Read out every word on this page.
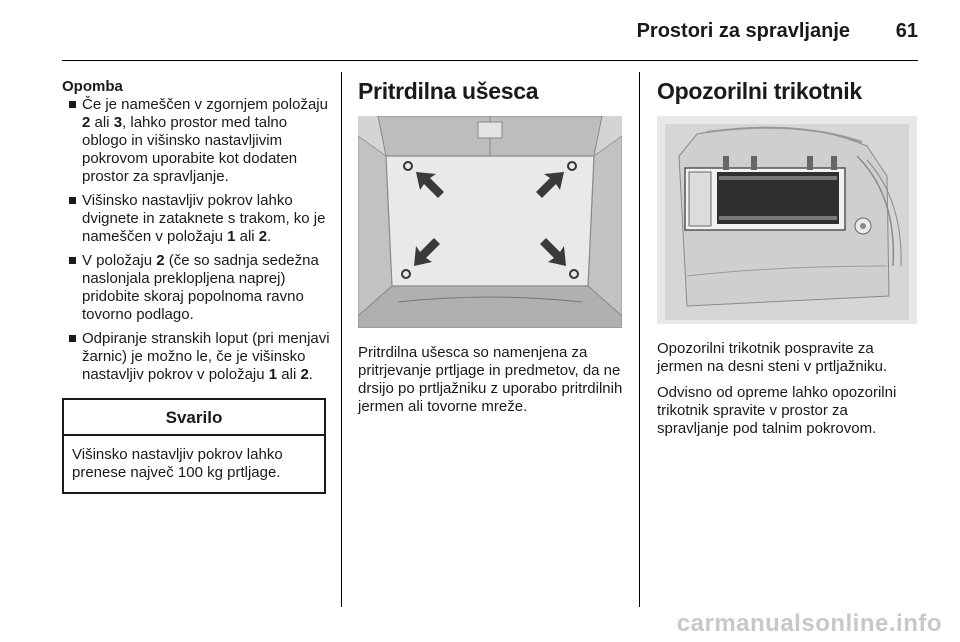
Prostori za spravljanje 61
Opomba
Če je nameščen v zgornjem položaju 2 ali 3, lahko prostor med talno oblogo in višinsko nastavljivim pokrovom uporabite kot dodaten prostor za spravljanje.
Višinsko nastavljiv pokrov lahko dvignete in zataknete s trakom, ko je nameščen v položaju 1 ali 2.
V položaju 2 (če so sadnja sedežna naslonjala preklopljena naprej) pridobite skoraj popolnoma ravno tovorno podlago.
Odpiranje stranskih loput (pri menjavi žarnic) je možno le, če je višinsko nastavljiv pokrov v položaju 1 ali 2.
Svarilo
Višinsko nastavljiv pokrov lahko prenese največ 100 kg prtljage.
Pritrdilna ušesca
Pritrdilna ušesca so namenjena za pritrjevanje prtljage in predmetov, da ne drsijo po prtljažniku z uporabo pritrdilnih jermen ali tovorne mreže.
Opozorilni trikotnik
Opozorilni trikotnik pospravite za jermen na desni steni v prtljažniku.
Odvisno od opreme lahko opozorilni trikotnik spravite v prostor za spravljanje pod talnim pokrovom.
carmanualsonline.info
